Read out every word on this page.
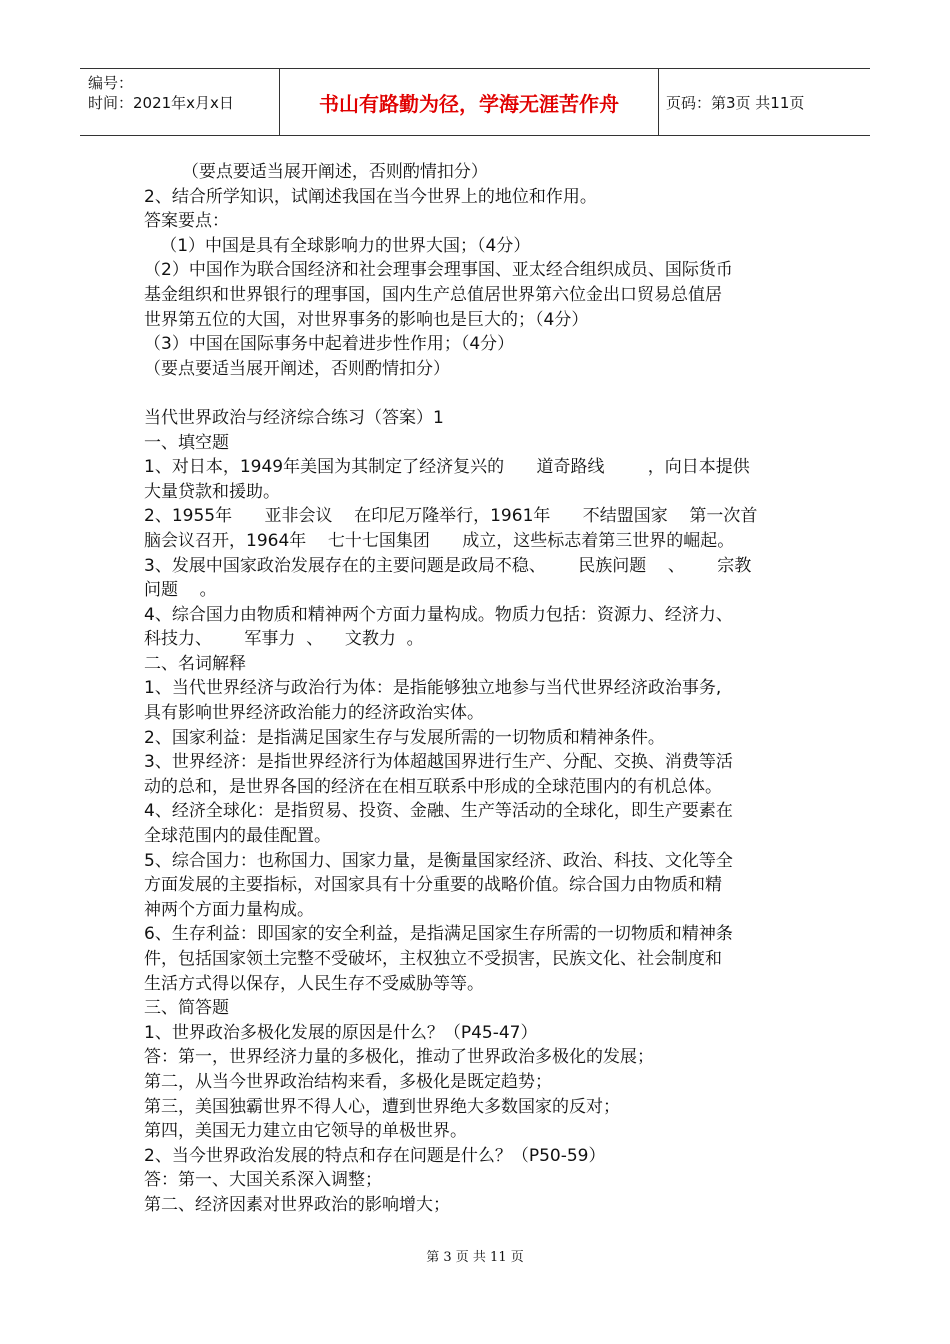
编号：
时间：2021年x月x日	书山有路勤为径，学海无涯苦作舟	页码：第3页 共11页

（要点要适当展开阐述，否则酌情扣分）

2、结合所学知识，试阐述我国在当今世界上的地位和作用。

答案要点：

（1）中国是具有全球影响力的世界大国；（4分）

（2）中国作为联合国经济和社会理事会理事国、亚太经合组织成员、国际货币

基金组织和世界银行的理事国，国内生产总值居世界第六位金出口贸易总值居

世界第五位的大国，对世界事务的影响也是巨大的；（4分）

（3）中国在国际事务中起着进步性作用；（4分）

（要点要适当展开阐述，否则酌情扣分）

当代世界政治与经济综合练习（答案）1

一、填空题

1、对日本，1949年美国为其制定了经济复兴的      道奇路线        ，向日本提供

大量贷款和援助。

2、1955年      亚非会议    在印尼万隆举行，1961年      不结盟国家    第一次首

脑会议召开，1964年    七十七国集团      成立，这些标志着第三世界的崛起。

3、发展中国家政治发展存在的主要问题是政局不稳、      民族问题    、      宗教

问题    。

4、综合国力由物质和精神两个方面力量构成。物质力包括：资源力、经济力、

科技力、      军事力  、    文教力  。

二、名词解释

1、当代世界经济与政治行为体：是指能够独立地参与当代世界经济政治事务,

具有影响世界经济政治能力的经济政治实体。

2、国家利益：是指满足国家生存与发展所需的一切物质和精神条件。

3、世界经济：是指世界经济行为体超越国界进行生产、分配、交换、消费等活

动的总和，是世界各国的经济在在相互联系中形成的全球范围内的有机总体。

4、经济全球化：是指贸易、投资、金融、生产等活动的全球化，即生产要素在

全球范围内的最佳配置。

5、综合国力：也称国力、国家力量，是衡量国家经济、政治、科技、文化等全

方面发展的主要指标，对国家具有十分重要的战略价值。综合国力由物质和精

神两个方面力量构成。

6、生存利益：即国家的安全利益，是指满足国家生存所需的一切物质和精神条

件，包括国家领土完整不受破坏，主权独立不受损害，民族文化、社会制度和

生活方式得以保存，人民生存不受威胁等等。

三、简答题

1、世界政治多极化发展的原因是什么？（P45-47）

答：第一，世界经济力量的多极化，推动了世界政治多极化的发展；

第二，从当今世界政治结构来看，多极化是既定趋势；

第三，美国独霸世界不得人心，遭到世界绝大多数国家的反对；

第四，美国无力建立由它领导的单极世界。

2、当今世界政治发展的特点和存在问题是什么？（P50-59）

答：第一、大国关系深入调整；

第二、经济因素对世界政治的影响增大；

第 3 页 共 11 页
